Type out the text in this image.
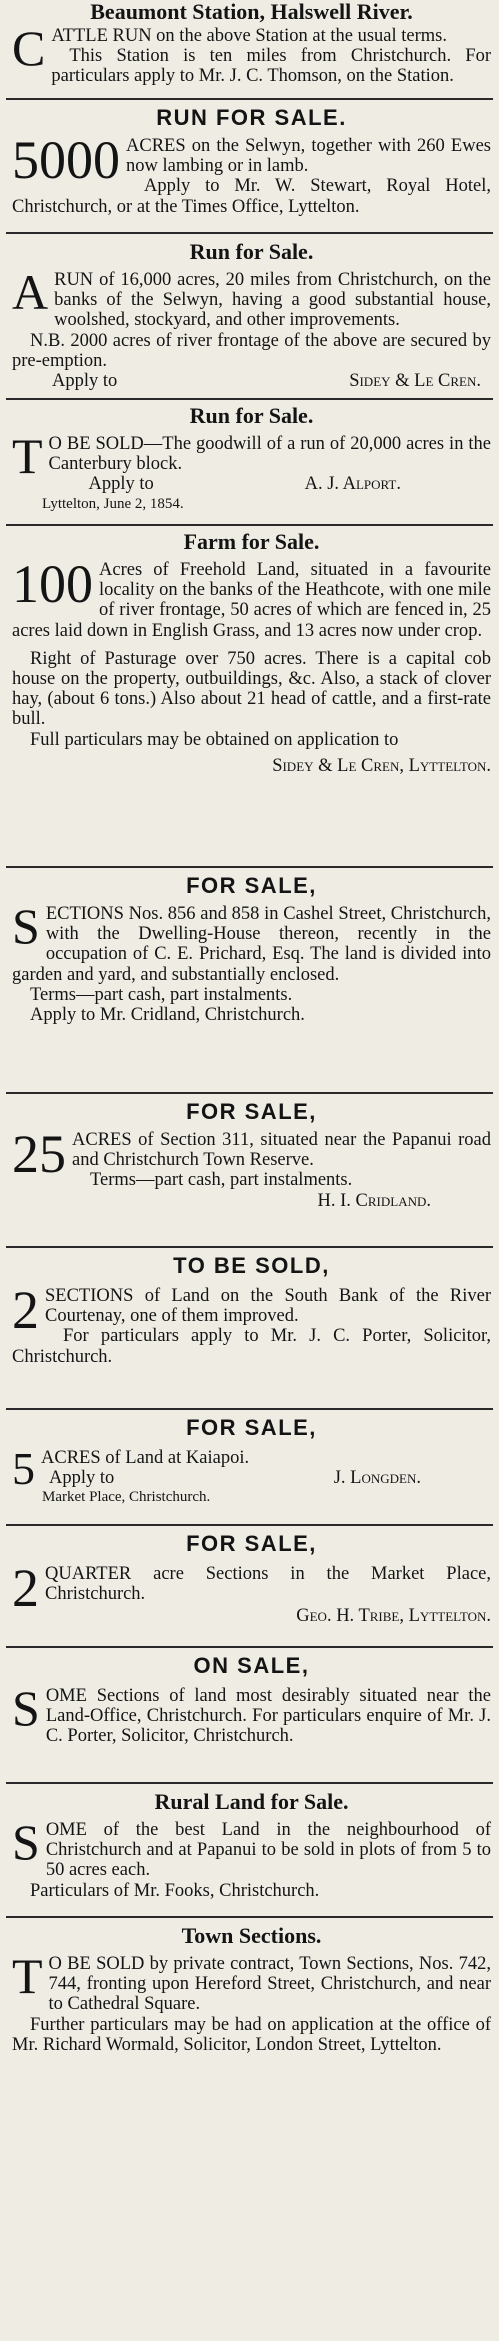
Beaumont Station, Halswell River.

CATTLE RUN on the above Station at the usual terms.

This Station is ten miles from Christchurch. For particulars apply to Mr. J. C. Thomson, on the Station.

RUN FOR SALE.

5000 ACRES on the Selwyn, together with 260 Ewes now lambing or in lamb.

Apply to Mr. W. Stewart, Royal Hotel, Christchurch, or at the Times Office, Lyttelton.

Run for Sale.

ARUN of 16,000 acres, 20 miles from Christchurch, on the banks of the Selwyn, having a good substantial house, woolshed, stockyard, and other improvements.

N.B. 2000 acres of river frontage of the above are secured by pre-emption.

Apply to	Sidey & Le Cren.
Run for Sale.

T O BE SOLD—The goodwill of a run of 20,000 acres in the Canterbury block.

Apply to	A. J. Alport.
Lyttelton, June 2, 1854.
Farm for Sale.

100 Acres of Freehold Land, situated in a favourite locality on the banks of the Heathcote, with one mile of river frontage, 50 acres of which are fenced in, 25 acres laid down in English Grass, and 13 acres now under crop.

Right of Pasturage over 750 acres. There is a capital cob house on the property, outbuildings, &c. Also, a stack of clover hay, (about 6 tons.) Also about 21 head of cattle, and a first-rate bull.

Full particulars may be obtained on application to

Sidey & Le Cren, Lyttelton.

FOR SALE,

SECTIONS Nos. 856 and 858 in Cashel Street, Christchurch, with the Dwelling-House thereon, recently in the occupation of C. E. Prichard, Esq. The land is divided into garden and yard, and substantially enclosed.

Terms—part cash, part instalments.

Apply to Mr. Cridland, Christchurch.

FOR SALE,

25 ACRES of Section 311, situated near the Papanui road and Christchurch Town Reserve.

Terms—part cash, part instalments.

H. I. Cridland.

TO BE SOLD,

2 SECTIONS of Land on the South Bank of the River Courtenay, one of them improved.

For particulars apply to Mr. J. C. Porter, Solicitor, Christchurch.

FOR SALE,

5 ACRES of Land at Kaiapoi.

Apply to	J. Longden.
Market Place, Christchurch.
FOR SALE,

2 QUARTER acre Sections in the Market Place, Christchurch.

Geo. H. Tribe, Lyttelton.

ON SALE,

SOME Sections of land most desirably situated near the Land-Office, Christchurch. For particulars enquire of Mr. J. C. Porter, Solicitor, Christchurch.

Rural Land for Sale.

SOME of the best Land in the neighbourhood of Christchurch and at Papanui to be sold in plots of from 5 to 50 acres each.

Particulars of Mr. Fooks, Christchurch.

Town Sections.

T O BE SOLD by private contract, Town Sections, Nos. 742, 744, fronting upon Hereford Street, Christchurch, and near to Cathedral Square.

Further particulars may be had on application at the office of Mr. Richard Wormald, Solicitor, London Street, Lyttelton.
